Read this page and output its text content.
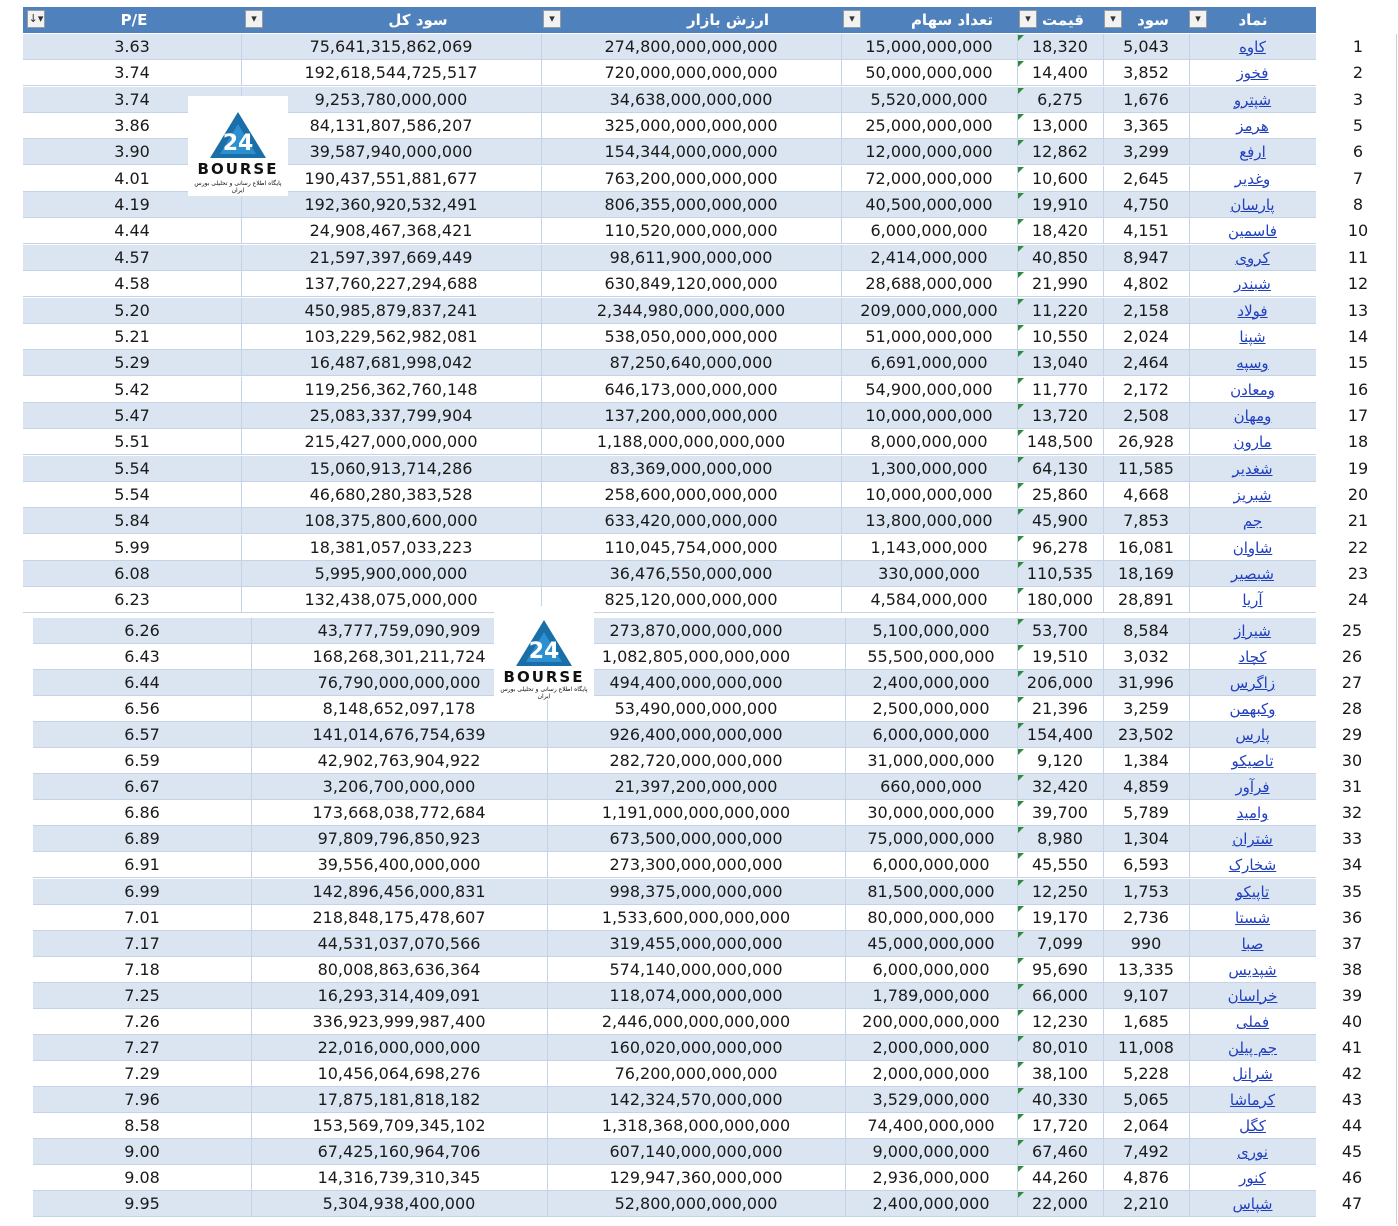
P/E	سود کل	ارزش بازار	تعداد سهام	قیمت	سود	نماد
↓▾	▾	▾	▾	▾	▾	▾
3.63	75,641,315,862,069	274,800,000,000,000	15,000,000,000	18,320	5,043	کاوه	1
3.74	192,618,544,725,517	720,000,000,000,000	50,000,000,000	14,400	3,852	فخوز	2
3.74	9,253,780,000,000	34,638,000,000,000	5,520,000,000	6,275	1,676	شپترو	3
3.86	84,131,807,586,207	325,000,000,000,000	25,000,000,000	13,000	3,365	هرمز	5
3.90	39,587,940,000,000	154,344,000,000,000	12,000,000,000	12,862	3,299	ارفع	6
4.01	190,437,551,881,677	763,200,000,000,000	72,000,000,000	10,600	2,645	وغدیر	7
4.19	192,360,920,532,491	806,355,000,000,000	40,500,000,000	19,910	4,750	پارسان	8
4.44	24,908,467,368,421	110,520,000,000,000	6,000,000,000	18,420	4,151	فاسمین	10
4.57	21,597,397,669,449	98,611,900,000,000	2,414,000,000	40,850	8,947	کروی	11
4.58	137,760,227,294,688	630,849,120,000,000	28,688,000,000	21,990	4,802	شبندر	12
5.20	450,985,879,837,241	2,344,980,000,000,000	209,000,000,000	11,220	2,158	فولاد	13
5.21	103,229,562,982,081	538,050,000,000,000	51,000,000,000	10,550	2,024	شپنا	14
5.29	16,487,681,998,042	87,250,640,000,000	6,691,000,000	13,040	2,464	وسپه	15
5.42	119,256,362,760,148	646,173,000,000,000	54,900,000,000	11,770	2,172	ومعادن	16
5.47	25,083,337,799,904	137,200,000,000,000	10,000,000,000	13,720	2,508	ومهان	17
5.51	215,427,000,000,000	1,188,000,000,000,000	8,000,000,000	148,500	26,928	مارون	18
5.54	15,060,913,714,286	83,369,000,000,000	1,300,000,000	64,130	11,585	شغدیر	19
5.54	46,680,280,383,528	258,600,000,000,000	10,000,000,000	25,860	4,668	شبریز	20
5.84	108,375,800,600,000	633,420,000,000,000	13,800,000,000	45,900	7,853	جم	21
5.99	18,381,057,033,223	110,045,754,000,000	1,143,000,000	96,278	16,081	شاوان	22
6.08	5,995,900,000,000	36,476,550,000,000	330,000,000	110,535	18,169	شبصیر	23
6.23	132,438,075,000,000	825,120,000,000,000	4,584,000,000	180,000	28,891	آریا	24
6.26	43,777,759,090,909	273,870,000,000,000	5,100,000,000	53,700	8,584	شیراز	25
6.43	168,268,301,211,724	1,082,805,000,000,000	55,500,000,000	19,510	3,032	کچاد	26
6.44	76,790,000,000,000	494,400,000,000,000	2,400,000,000	206,000	31,996	زاگرس	27
6.56	8,148,652,097,178	53,490,000,000,000	2,500,000,000	21,396	3,259	وکبهمن	28
6.57	141,014,676,754,639	926,400,000,000,000	6,000,000,000	154,400	23,502	پارس	29
6.59	42,902,763,904,922	282,720,000,000,000	31,000,000,000	9,120	1,384	تاصیکو	30
6.67	3,206,700,000,000	21,397,200,000,000	660,000,000	32,420	4,859	فرآور	31
6.86	173,668,038,772,684	1,191,000,000,000,000	30,000,000,000	39,700	5,789	وامید	32
6.89	97,809,796,850,923	673,500,000,000,000	75,000,000,000	8,980	1,304	شتران	33
6.91	39,556,400,000,000	273,300,000,000,000	6,000,000,000	45,550	6,593	شخارک	34
6.99	142,896,456,000,831	998,375,000,000,000	81,500,000,000	12,250	1,753	تاپیکو	35
7.01	218,848,175,478,607	1,533,600,000,000,000	80,000,000,000	19,170	2,736	شستا	36
7.17	44,531,037,070,566	319,455,000,000,000	45,000,000,000	7,099	990	صبا	37
7.18	80,008,863,636,364	574,140,000,000,000	6,000,000,000	95,690	13,335	شپدیس	38
7.25	16,293,314,409,091	118,074,000,000,000	1,789,000,000	66,000	9,107	خراسان	39
7.26	336,923,999,987,400	2,446,000,000,000,000	200,000,000,000	12,230	1,685	فملی	40
7.27	22,016,000,000,000	160,020,000,000,000	2,000,000,000	80,010	11,008	جم پیلن	41
7.29	10,456,064,698,276	76,200,000,000,000	2,000,000,000	38,100	5,228	شرانل	42
7.96	17,875,181,818,182	142,324,570,000,000	3,529,000,000	40,330	5,065	کرماشا	43
8.58	153,569,709,345,102	1,318,368,000,000,000	74,400,000,000	17,720	2,064	کگل	44
9.00	67,425,160,964,706	607,140,000,000,000	9,000,000,000	67,460	7,492	نوری	45
9.08	14,316,739,310,345	129,947,360,000,000	2,936,000,000	44,260	4,876	کنور	46
9.95	5,304,938,400,000	52,800,000,000,000	2,400,000,000	22,000	2,210	شپاس	47
24
BOURSE
پایگاه اطلاع رسانی و تحلیلی بورس ایران
24
BOURSE
پایگاه اطلاع رسانی و تحلیلی بورس ایران
